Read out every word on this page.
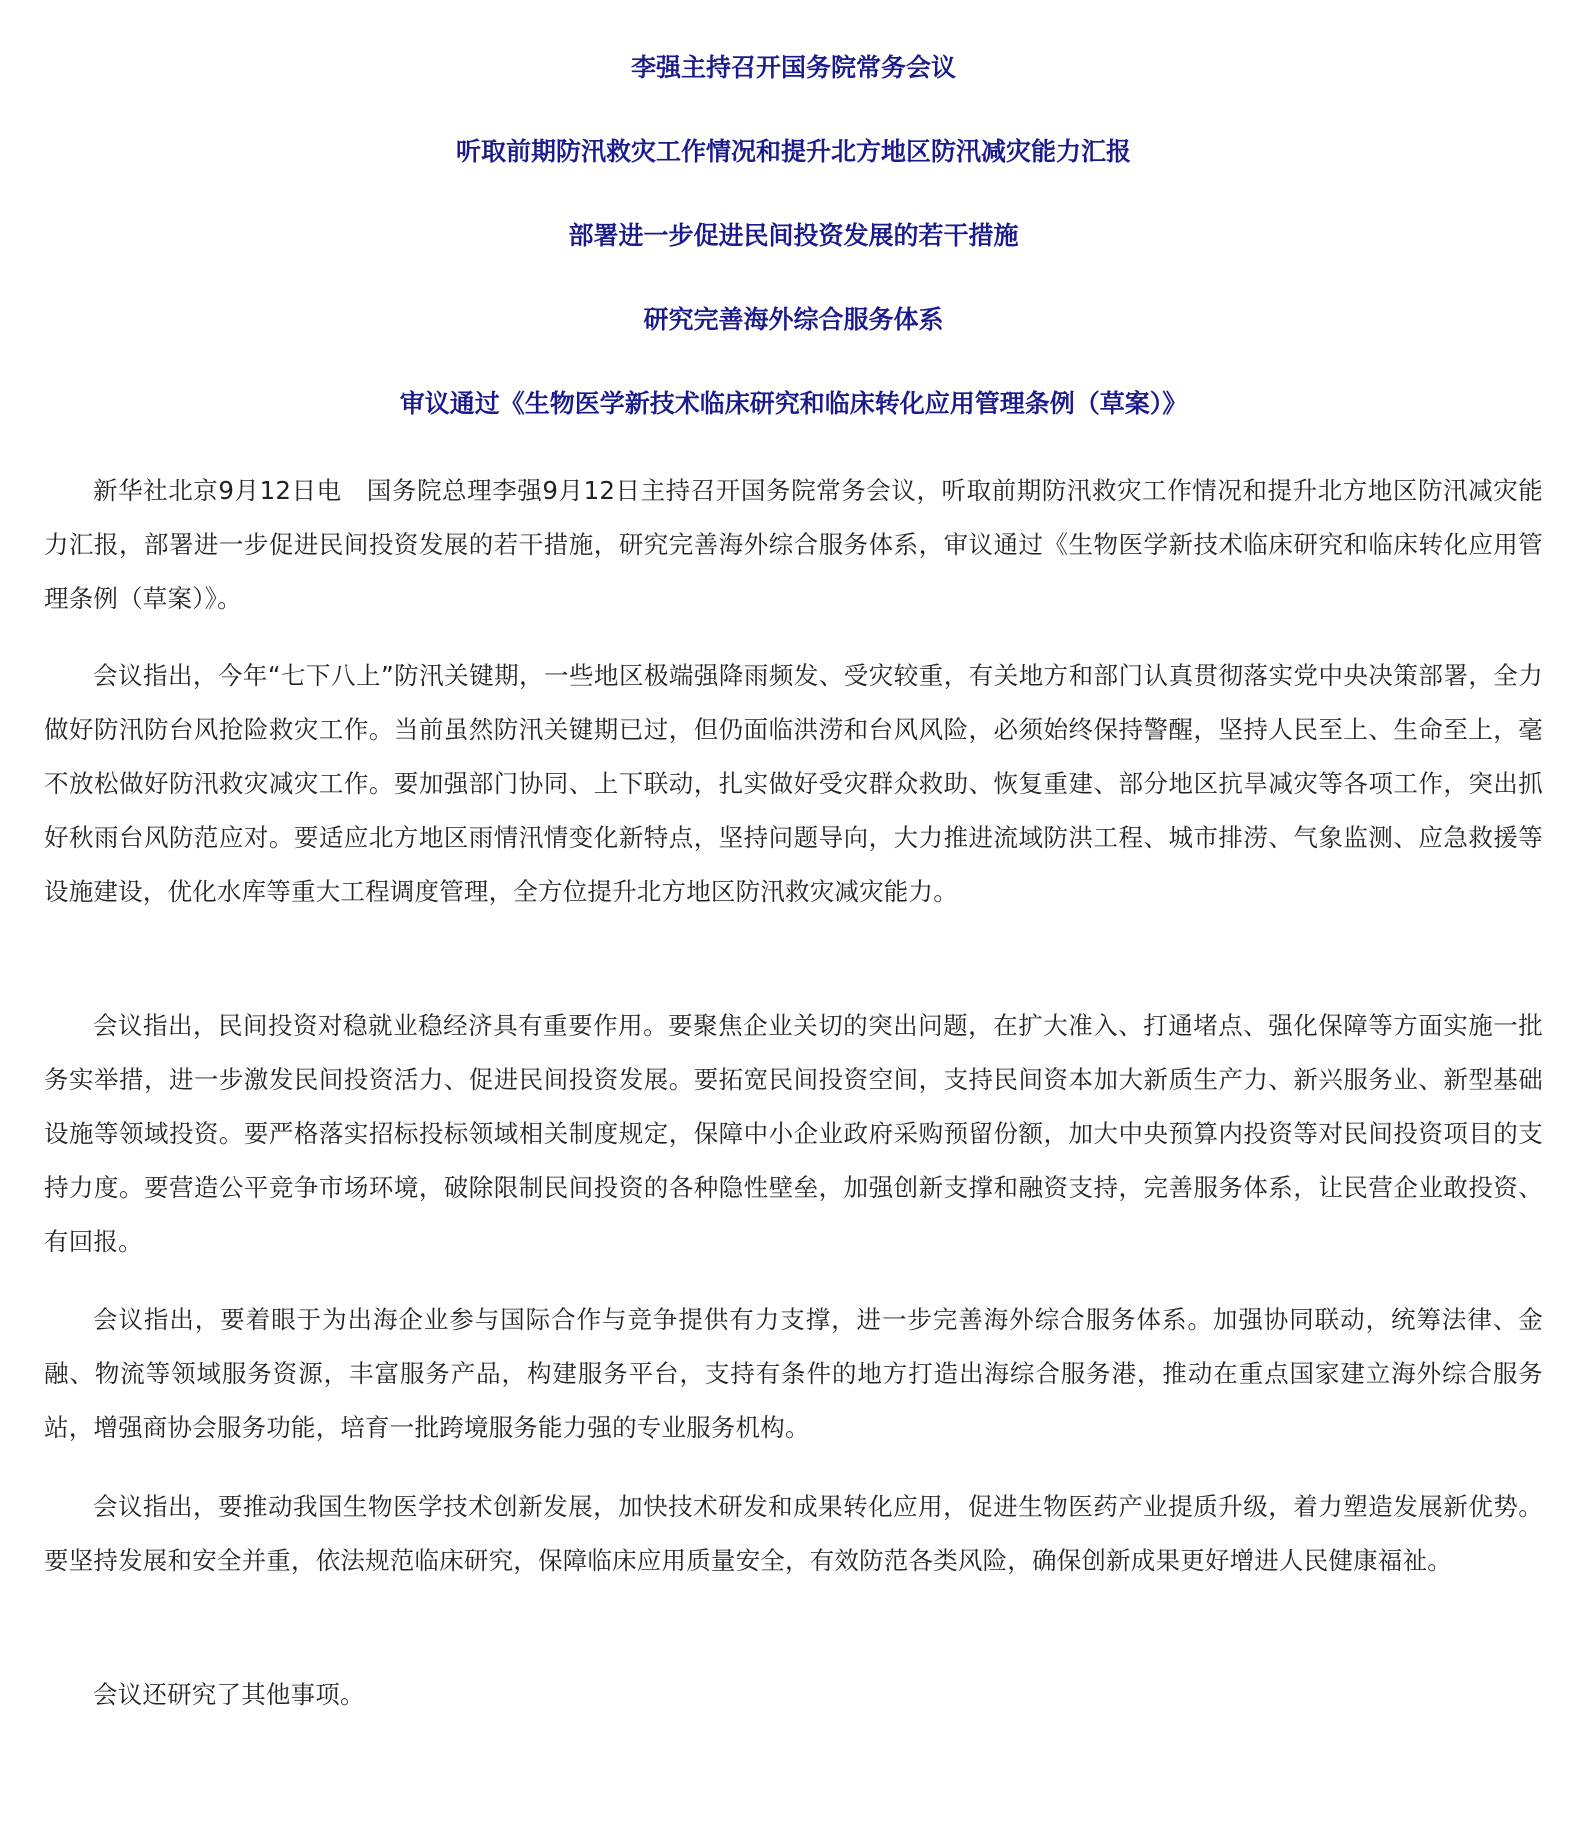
李强主持召开国务院常务会议
听取前期防汛救灾工作情况和提升北方地区防汛减灾能力汇报
部署进一步促进民间投资发展的若干措施
研究完善海外综合服务体系
审议通过《生物医学新技术临床研究和临床转化应用管理条例（草案）》

新华社北京9月12日电　国务院总理李强9月12日主持召开国务院常务会议，听取前期防汛救灾工作情况和提升北方地区防汛减灾能力汇报，部署进一步促进民间投资发展的若干措施，研究完善海外综合服务体系，审议通过《生物医学新技术临床研究和临床转化应用管理条例（草案）》。

会议指出，今年“七下八上”防汛关键期，一些地区极端强降雨频发、受灾较重，有关地方和部门认真贯彻落实党中央决策部署，全力做好防汛防台风抢险救灾工作。当前虽然防汛关键期已过，但仍面临洪涝和台风风险，必须始终保持警醒，坚持人民至上、生命至上，毫不放松做好防汛救灾减灾工作。要加强部门协同、上下联动，扎实做好受灾群众救助、恢复重建、部分地区抗旱减灾等各项工作，突出抓好秋雨台风防范应对。要适应北方地区雨情汛情变化新特点，坚持问题导向，大力推进流域防洪工程、城市排涝、气象监测、应急救援等设施建设，优化水库等重大工程调度管理，全方位提升北方地区防汛救灾减灾能力。

会议指出，民间投资对稳就业稳经济具有重要作用。要聚焦企业关切的突出问题，在扩大准入、打通堵点、强化保障等方面实施一批务实举措，进一步激发民间投资活力、促进民间投资发展。要拓宽民间投资空间，支持民间资本加大新质生产力、新兴服务业、新型基础设施等领域投资。要严格落实招标投标领域相关制度规定，保障中小企业政府采购预留份额，加大中央预算内投资等对民间投资项目的支持力度。要营造公平竞争市场环境，破除限制民间投资的各种隐性壁垒，加强创新支撑和融资支持，完善服务体系，让民营企业敢投资、有回报。

会议指出，要着眼于为出海企业参与国际合作与竞争提供有力支撑，进一步完善海外综合服务体系。加强协同联动，统筹法律、金融、物流等领域服务资源，丰富服务产品，构建服务平台，支持有条件的地方打造出海综合服务港，推动在重点国家建立海外综合服务站，增强商协会服务功能，培育一批跨境服务能力强的专业服务机构。

会议指出，要推动我国生物医学技术创新发展，加快技术研发和成果转化应用，促进生物医药产业提质升级，着力塑造发展新优势。要坚持发展和安全并重，依法规范临床研究，保障临床应用质量安全，有效防范各类风险，确保创新成果更好增进人民健康福祉。

会议还研究了其他事项。
